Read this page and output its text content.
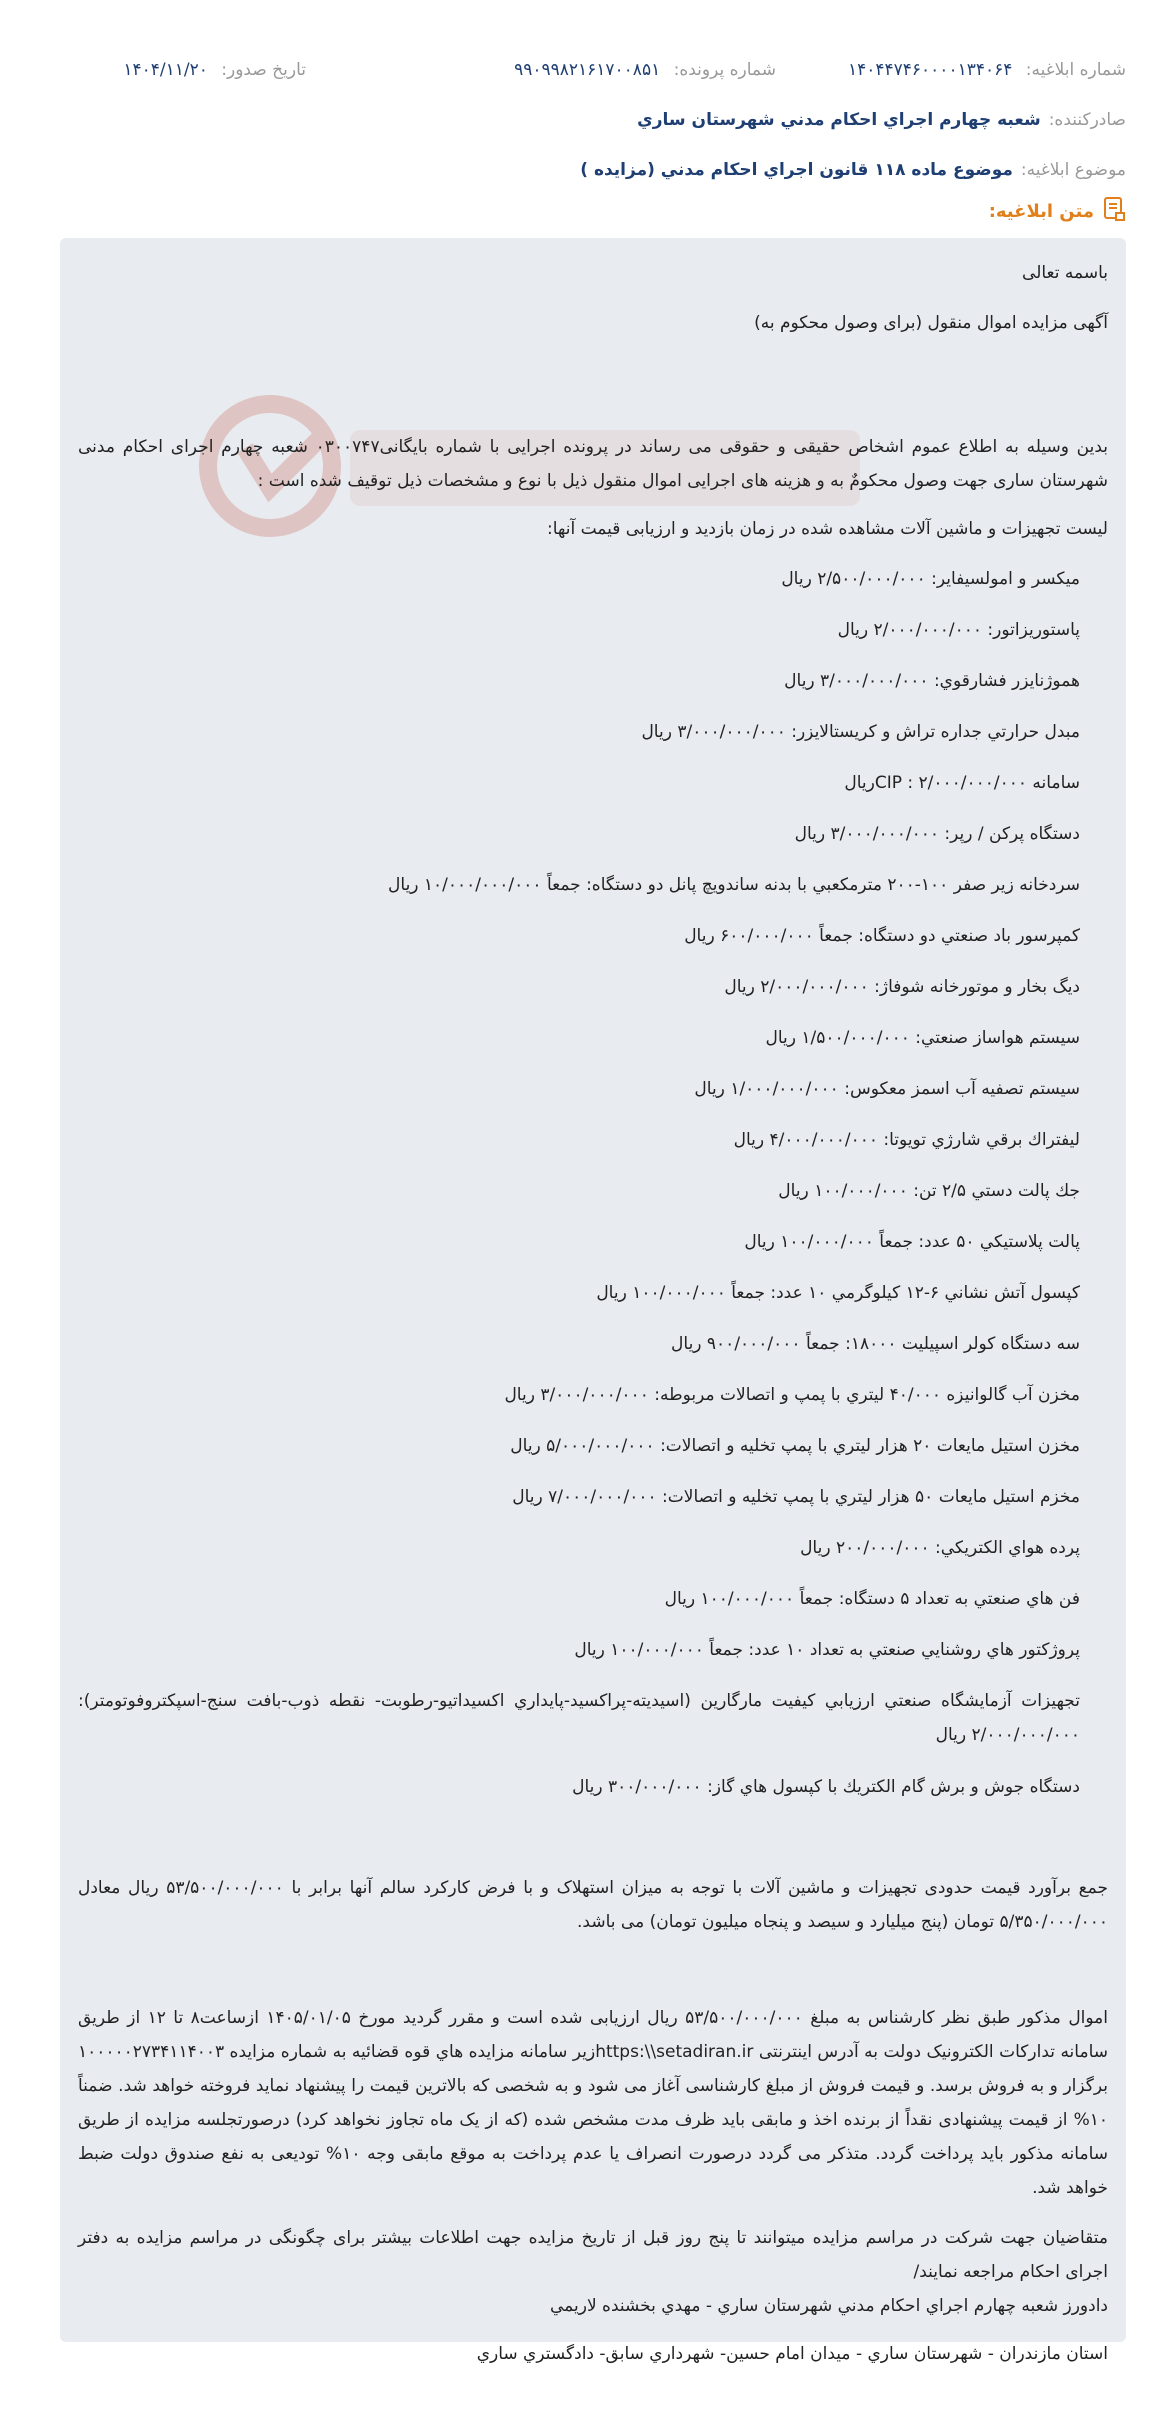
شماره ابلاغیه: ۱۴۰۴۴۷۴۶۰۰۰۰۱۳۴۰۶۴
شماره پرونده: ۹۹۰۹۹۸۲۱۶۱۷۰۰۸۵۱
تاریخ صدور: ۱۴۰۴/۱۱/۲۰
صادرکننده:
شعبه چهارم اجراي احكام مدني شهرستان ساري
موضوع ابلاغیه:
موضوع ماده ۱۱۸ قانون اجراي احكام مدني (مزايده )
متن ابلاغیه:
باسمه تعالی
آگهی مزایده اموال منقول (برای وصول محکوم به)
بدین وسیله به اطلاع عموم اشخاص حقیقی و حقوقی می رساند در پرونده اجرایی با شماره بایگانی۰۳۰۰۷۴۷ شعبه چهارم اجرای احکام مدنی شهرستان ساری جهت وصول محکومٌ به و هزینه های اجرایی اموال منقول ذیل با نوع و مشخصات ذیل توقیف شده است :
لیست تجهیزات و ماشین آلات مشاهده شده در زمان بازدید و ارزیابی قیمت آنها:
میکسر و امولسیفایر: ۲/۵۰۰/۰۰۰/۰۰۰ ریال
پاستوریزاتور: ۲/۰۰۰/۰۰۰/۰۰۰ ریال
هموژنايزر فشارقوي: ۳/۰۰۰/۰۰۰/۰۰۰ ریال
مبدل حرارتي جداره تراش و كريستالايزر: ۳/۰۰۰/۰۰۰/۰۰۰ ریال
سامانه CIP : ۲/۰۰۰/۰۰۰/۰۰۰ریال
دستگاه پرکن / رپر: ۳/۰۰۰/۰۰۰/۰۰۰ ریال
سردخانه زير صفر ۱۰۰-۲۰۰ مترمكعبي با بدنه ساندويچ پانل دو دستگاه: جمعاً ۱۰/۰۰۰/۰۰۰/۰۰۰ ریال
كمپرسور باد صنعتي دو دستگاه: جمعاً ۶۰۰/۰۰۰/۰۰۰ ریال
ديگ بخار و موتورخانه شوفاژ: ۲/۰۰۰/۰۰۰/۰۰۰ ریال
سيستم هواساز صنعتي: ۱/۵۰۰/۰۰۰/۰۰۰ ریال
سيستم تصفيه آب اسمز معكوس: ۱/۰۰۰/۰۰۰/۰۰۰ ریال
ليفتراك برقي شارژي تويوتا: ۴/۰۰۰/۰۰۰/۰۰۰ ریال
جك پالت دستي ۲/۵ تن: ۱۰۰/۰۰۰/۰۰۰ ریال
پالت پلاستيكي ۵۰ عدد: جمعاً ۱۰۰/۰۰۰/۰۰۰ ریال
كپسول آتش نشاني ۶-۱۲ كيلوگرمي ۱۰ عدد: جمعاً ۱۰۰/۰۰۰/۰۰۰ ریال
سه دستگاه كولر اسپيليت ۱۸۰۰۰: جمعاً ۹۰۰/۰۰۰/۰۰۰ ریال
مخزن آب گالوانيزه ۴۰/۰۰۰ ليتري با پمپ و اتصالات مربوطه: ۳/۰۰۰/۰۰۰/۰۰۰ ریال
مخزن استيل مايعات ۲۰ هزار ليتري با پمپ تخليه و اتصالات: ۵/۰۰۰/۰۰۰/۰۰۰ ریال
مخزم استيل مايعات ۵۰ هزار ليتري با پمپ تخليه و اتصالات: ۷/۰۰۰/۰۰۰/۰۰۰ ریال
پرده هواي الكتريكي: ۲۰۰/۰۰۰/۰۰۰ ریال
فن هاي صنعتي به تعداد ۵ دستگاه: جمعاً ۱۰۰/۰۰۰/۰۰۰ ریال
پروژكتور هاي روشنايي صنعتي به تعداد ۱۰ عدد: جمعاً ۱۰۰/۰۰۰/۰۰۰ ریال
تجهيزات آزمايشگاه صنعتي ارزيابي كيفيت مارگارين (اسيديته-پراكسيد-پايداري اكسيداتيو-رطوبت- نقطه ذوب-بافت سنج-اسپكتروفوتومتر): ۲/۰۰۰/۰۰۰/۰۰۰ ریال
دستگاه جوش و برش گام الكتريك با كپسول هاي گاز: ۳۰۰/۰۰۰/۰۰۰ ریال
جمع برآورد قیمت حدودی تجهیزات و ماشین آلات با توجه به میزان استهلاک و با فرض کارکرد سالم آنها برابر با ۵۳/۵۰۰/۰۰۰/۰۰۰ ریال معادل ۵/۳۵۰/۰۰۰/۰۰۰ تومان (پنج میلیارد و سیصد و پنجاه میلیون تومان) می باشد.
اموال مذکور طبق نظر کارشناس به مبلغ ۵۳/۵۰۰/۰۰۰/۰۰۰ ریال ارزیابی شده است و مقرر گردید مورخ ۱۴۰۵/۰۱/۰۵ ازساعت۸ تا ۱۲ از طریق سامانه تدارکات الکترونیک دولت به آدرس اینترنتی https:\\setadiran.irزیر سامانه مزایده هاي قوه قضائیه به شماره مزایده ۱۰۰۰۰۰۲۷۳۴۱۱۴۰۰۳ برگزار و به فروش برسد. و قیمت فروش از مبلغ کارشناسی آغاز می شود و به شخصی که بالاترین قیمت را پیشنهاد نماید فروخته خواهد شد. ضمناً ۱۰% از قیمت پیشنهادی نقداً از برنده اخذ و مابقی باید ظرف مدت مشخص شده (که از یک ماه تجاوز نخواهد کرد) درصورتجلسه مزایده از طریق سامانه مذکور باید پرداخت گردد. متذکر می گردد درصورت انصراف یا عدم پرداخت به موقع مابقی وجه ۱۰% تودیعی به نفع صندوق دولت ضبط خواهد شد.
متقاضیان جهت شرکت در مراسم مزایده میتوانند تا پنج روز قبل از تاریخ مزایده جهت اطلاعات بیشتر برای چگونگی در مراسم مزایده به دفتر اجرای احکام مراجعه نمایند/
دادورز شعبه چهارم اجراي احكام مدني شهرستان ساري - مهدي بخشنده لاريمي
استان مازندران - شهرستان ساري - ميدان امام حسين- شهرداري سابق- دادگستري ساري
